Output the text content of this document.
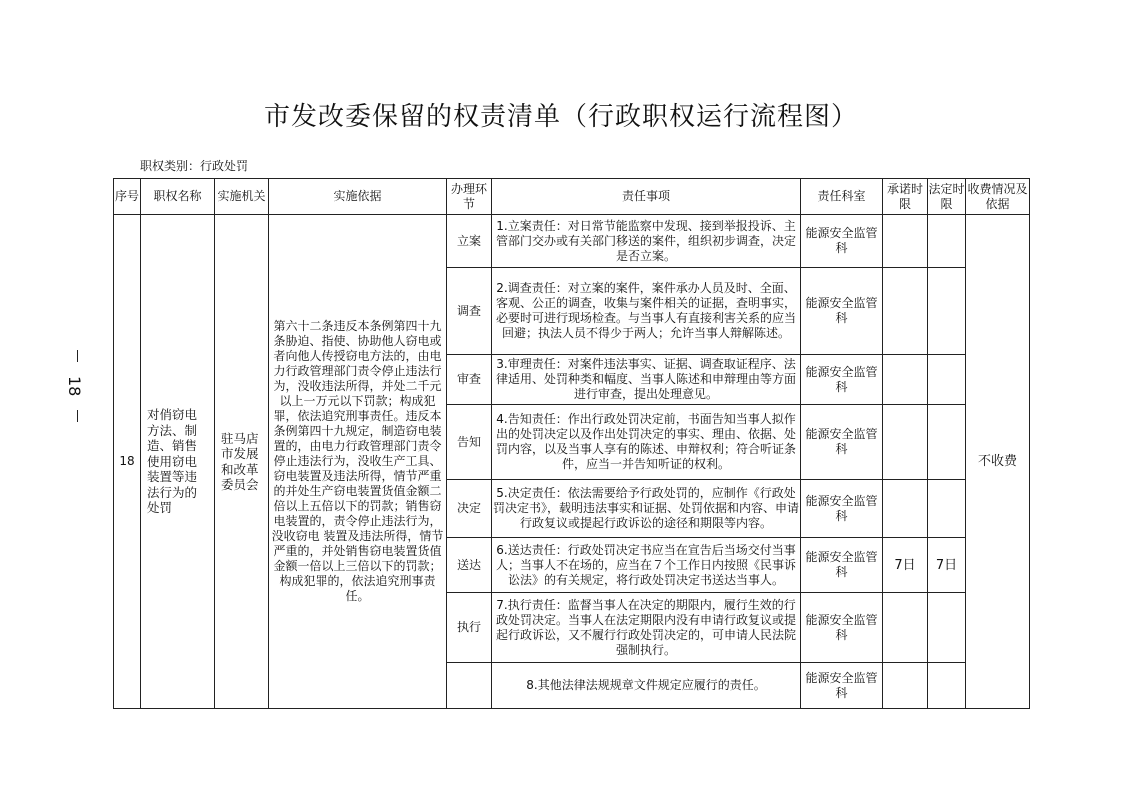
市发改委保留的权责清单（行政职权运行流程图）
职权类别：行政处罚
18
序号	职权名称	实施机关	实施依据	办理环节	责任事项	责任科室	承诺时限	法定时限	收费情况及依据
18	对俏窃电方法、制造、销售使用窃电装置等违法行为的处罚	驻马店市发展和改革委员会	第六十二条违反本条例第四十九条胁迫、指使、协助他人窃电或者向他人传授窃电方法的，由电力行政管理部门责令停止违法行为，没收违法所得，并处二千元以上一万元以下罚款；构成犯罪，依法追究刑事责任。违反本条例第四十九规定，制造窃电装置的，由电力行政管理部门责令停止违法行为，没收生产工具、窃电装置及违法所得，情节严重的并处生产窃电装置货值金额二倍以上五倍以下的罚款；销售窃电装置的，责令停止违法行为，没收窃电 装置及违法所得，情节严重的，并处销售窃电装置货值金额一倍以上三倍以下的罚款；构成犯罪的，依法追究刑事责任。	立案	1.立案责任：对日常节能监察中发现、接到举报投诉、主管部门交办或有关部门移送的案件，组织初步调查，决定是否立案。	能源安全监管科			不收费
				调查	2.调查责任：对立案的案件，案件承办人员及时、全面、客观、公正的调查，收集与案件相关的证据，查明事实，必要时可进行现场检查。与当事人有直接利害关系的应当回避；执法人员不得少于两人；允许当事人辩解陈述。	能源安全监管科			
				审查	3.审理责任：对案件违法事实、证据、调查取证程序、法律适用、处罚种类和幅度、当事人陈述和申辩理由等方面进行审查，提出处理意见。	能源安全监管科			
				告知	4.告知责任：作出行政处罚决定前，书面告知当事人拟作出的处罚决定以及作出处罚决定的事实、理由、依据、处罚内容，以及当事人享有的陈述、申辩权利；符合听证条件，应当一并告知听证的权利。	能源安全监管科			
				决定	5.决定责任：依法需要给予行政处罚的，应制作《行政处罚决定书》，载明违法事实和证据、处罚依据和内容、申请行政复议或提起行政诉讼的途径和期限等内容。	能源安全监管科			
				送达	6.送达责任：行政处罚决定书应当在宣告后当场交付当事人；当事人不在场的，应当在７个工作日内按照《民事诉讼法》的有关规定，将行政处罚决定书送达当事人。	能源安全监管科	7日	7日	
				执行	7.执行责任：监督当事人在决定的期限内，履行生效的行政处罚决定。当事人在法定期限内没有申请行政复议或提起行政诉讼，又不履行行政处罚决定的，可申请人民法院强制执行。	能源安全监管科			
					8.其他法律法规规章文件规定应履行的责任。	能源安全监管科			
